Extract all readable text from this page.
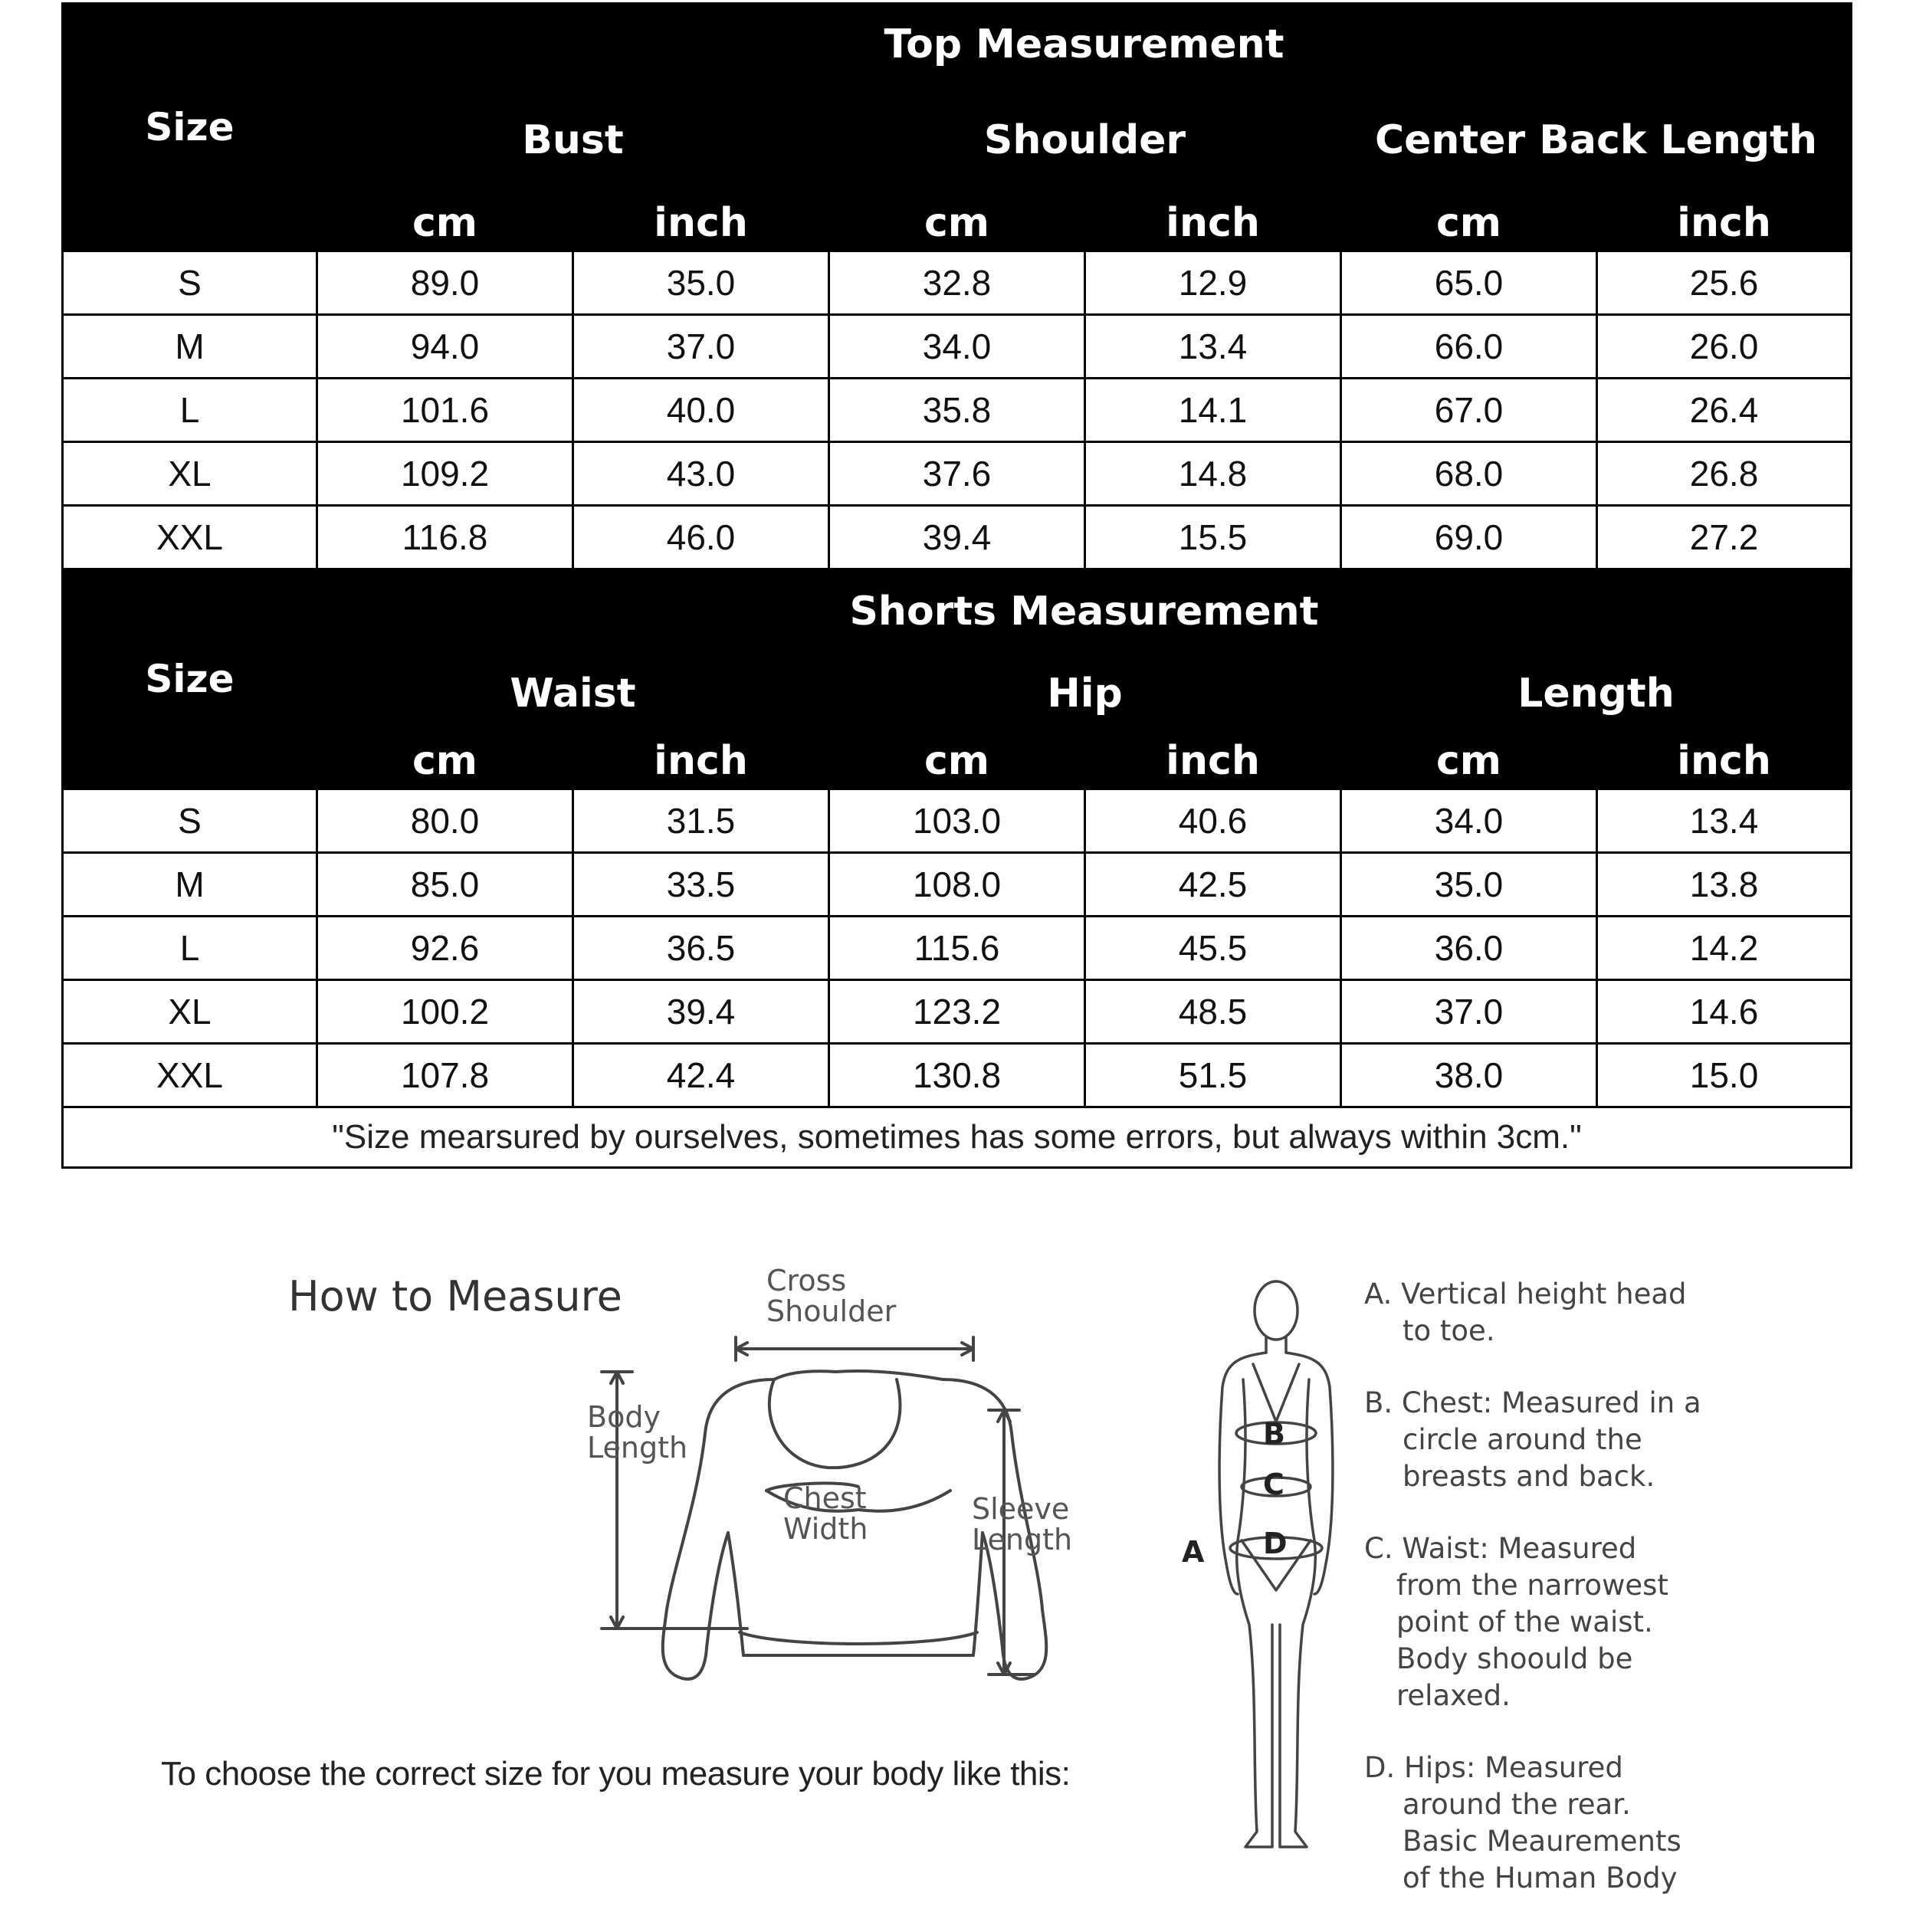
Size	Top Measurement					
	Bust		Shoulder		Center Back Length	
	cm	inch	cm	inch	cm	inch
S	89.0	35.0	32.8	12.9	65.0	25.6
M	94.0	37.0	34.0	13.4	66.0	26.0
L	101.6	40.0	35.8	14.1	67.0	26.4
XL	109.2	43.0	37.6	14.8	68.0	26.8
XXL	116.8	46.0	39.4	15.5	69.0	27.2
Size	Shorts Measurement					
	Waist		Hip		Length	
	cm	inch	cm	inch	cm	inch
S	80.0	31.5	103.0	40.6	34.0	13.4
M	85.0	33.5	108.0	42.5	35.0	13.8
L	92.6	36.5	115.6	45.5	36.0	14.2
XL	100.2	39.4	123.2	48.5	37.0	14.6
XXL	107.8	42.4	130.8	51.5	38.0	15.0
"Size mearsured by ourselves, sometimes has some errors, but always within 3cm."						
How to Measure	Cross
Shoulder
Body
Length
Chest
Width
Sleeve
Length
To choose the correct size for you measure your body like this:
B
C
D
A
A. Vertical height head
to toe.
B. Chest: Measured in a
circle around the
breasts and back.
C. Waist: Measured
from the narrowest
point of the waist.
Body shoould be
relaxed.
D. Hips: Measured
around the rear.
Basic Meaurements
of the Human Body
